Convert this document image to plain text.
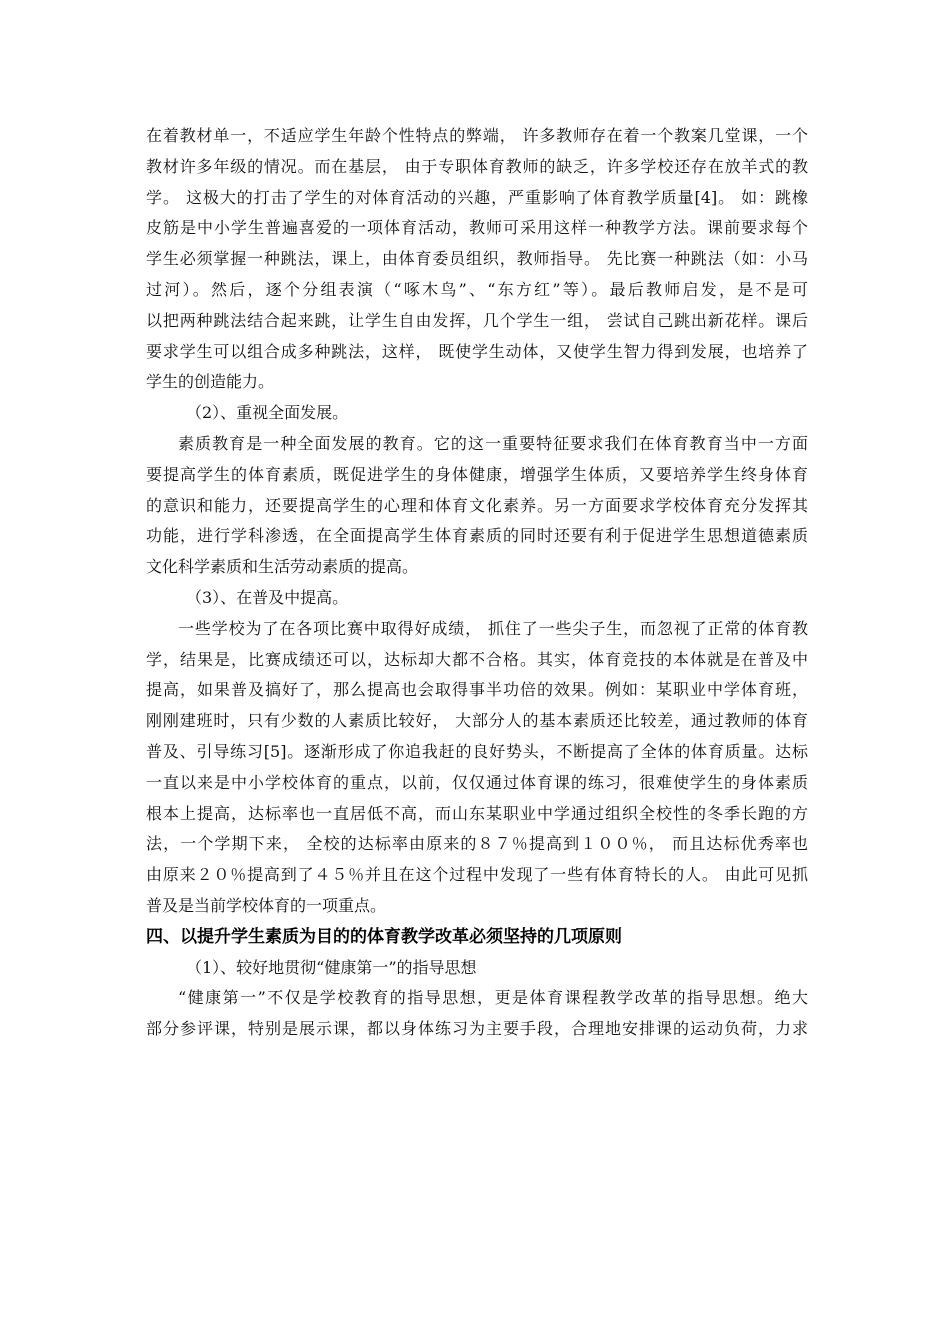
在着教材单一，不适应学生年龄个性特点的弊端， 许多教师存在着一个教案几堂课，一个
教材许多年级的情况。而在基层， 由于专职体育教师的缺乏，许多学校还存在放羊式的教
学。 这极大的打击了学生的对体育活动的兴趣，严重影响了体育教学质量[4]。 如：跳橡
皮筋是中小学生普遍喜爱的一项体育活动，教师可采用这样一种教学方法。课前要求每个
学生必须掌握一种跳法，课上，由体育委员组织，教师指导。 先比赛一种跳法（如：小马
过河）。然后，逐个分组表演（“啄木鸟”、“东方红”等）。最后教师启发，是不是可
以把两种跳法结合起来跳，让学生自由发挥，几个学生一组， 尝试自己跳出新花样。课后
要求学生可以组合成多种跳法，这样， 既使学生动体，又使学生智力得到发展，也培养了
学生的创造能力。
（2）、重视全面发展。
素质教育是一种全面发展的教育。它的这一重要特征要求我们在体育教育当中一方面
要提高学生的体育素质，既促进学生的身体健康，增强学生体质，又要培养学生终身体育
的意识和能力，还要提高学生的心理和体育文化素养。另一方面要求学校体育充分发挥其
功能，进行学科渗透，在全面提高学生体育素质的同时还要有利于促进学生思想道德素质
文化科学素质和生活劳动素质的提高。
（3）、在普及中提高。
一些学校为了在各项比赛中取得好成绩， 抓住了一些尖子生，而忽视了正常的体育教
学，结果是，比赛成绩还可以，达标却大都不合格。其实，体育竞技的本体就是在普及中
提高，如果普及搞好了，那么提高也会取得事半功倍的效果。例如：某职业中学体育班，
刚刚建班时，只有少数的人素质比较好， 大部分人的基本素质还比较差，通过教师的体育
普及、引导练习[5]。逐渐形成了你追我赶的良好势头，不断提高了全体的体育质量。达标
一直以来是中小学校体育的重点，以前，仅仅通过体育课的练习，很难使学生的身体素质
根本上提高，达标率也一直居低不高，而山东某职业中学通过组织全校性的冬季长跑的方
法，一个学期下来， 全校的达标率由原来的８７％提高到１００％， 而且达标优秀率也
由原来２０％提高到了４５％并且在这个过程中发现了一些有体育特长的人。 由此可见抓
普及是当前学校体育的一项重点。
四、以提升学生素质为目的的体育教学改革必须坚持的几项原则
（1）、较好地贯彻“健康第一”的指导思想
“健康第一”不仅是学校教育的指导思想，更是体育课程教学改革的指导思想。绝大
部分参评课，特别是展示课，都以身体练习为主要手段，合理地安排课的运动负荷，力求
